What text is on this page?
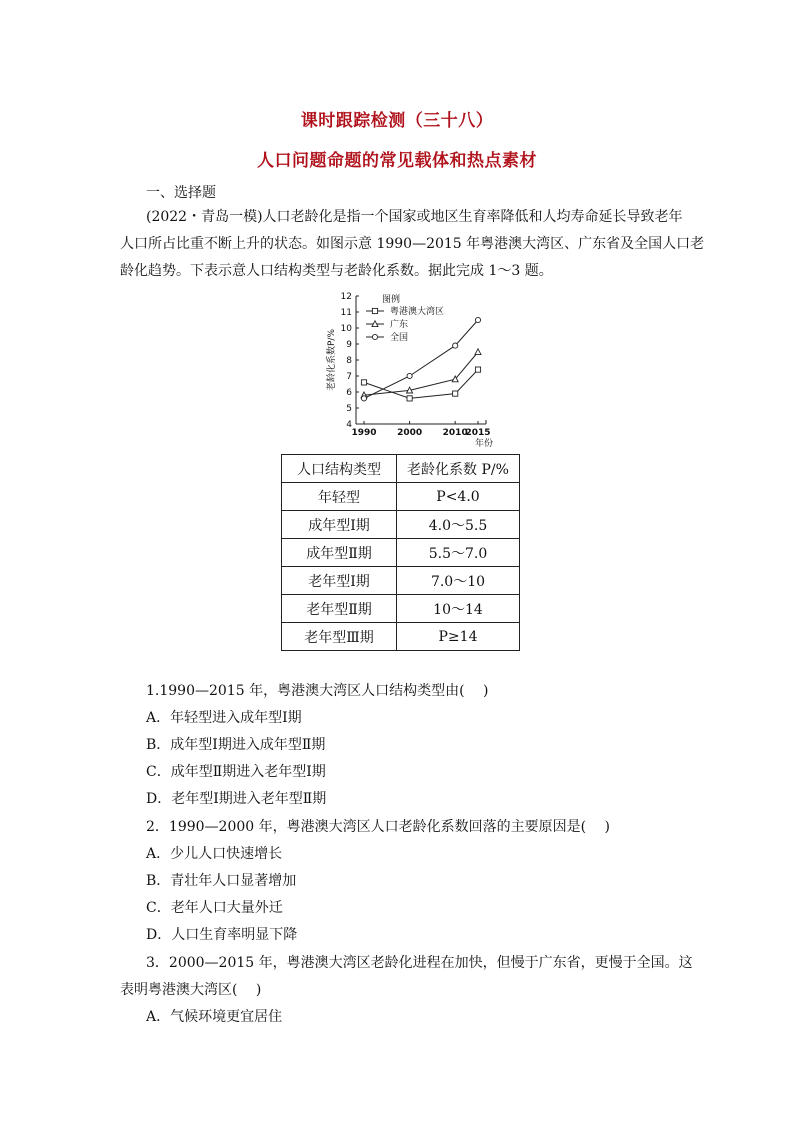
课时跟踪检测（三十八）
人口问题命题的常见载体和热点素材
一、选择题
(2022・青岛一模)人口老龄化是指一个国家或地区生育率降低和人均寿命延长导致老年
人口所占比重不断上升的状态。如图示意 1990—2015 年粤港澳大湾区、广东省及全国人口老
龄化趋势。下表示意人口结构类型与老龄化系数。据此完成 1～3 题。
4
5
6
7
8
9
10
11
12
1990 2000 2010
2015
年份
老龄化系数P/%
图例
粤港澳大湾区
广东
全国
人口结构类型	老龄化系数 P/%
年轻型	P<4.0
成年型Ⅰ期	4.0～5.5
成年型Ⅱ期	5.5～7.0
老年型Ⅰ期	7.0～10
老年型Ⅱ期	10～14
老年型Ⅲ期	P≥14
1.1990—2015 年，粤港澳大湾区人口结构类型由(　 )
A．年轻型进入成年型Ⅰ期
B．成年型Ⅰ期进入成年型Ⅱ期
C．成年型Ⅱ期进入老年型Ⅰ期
D．老年型Ⅰ期进入老年型Ⅱ期
2．1990—2000 年，粤港澳大湾区人口老龄化系数回落的主要原因是(　 )
A．少儿人口快速增长
B．青壮年人口显著增加
C．老年人口大量外迁
D．人口生育率明显下降
3．2000—2015 年，粤港澳大湾区老龄化进程在加快，但慢于广东省，更慢于全国。这
表明粤港澳大湾区(　 )
A．气候环境更宜居住
